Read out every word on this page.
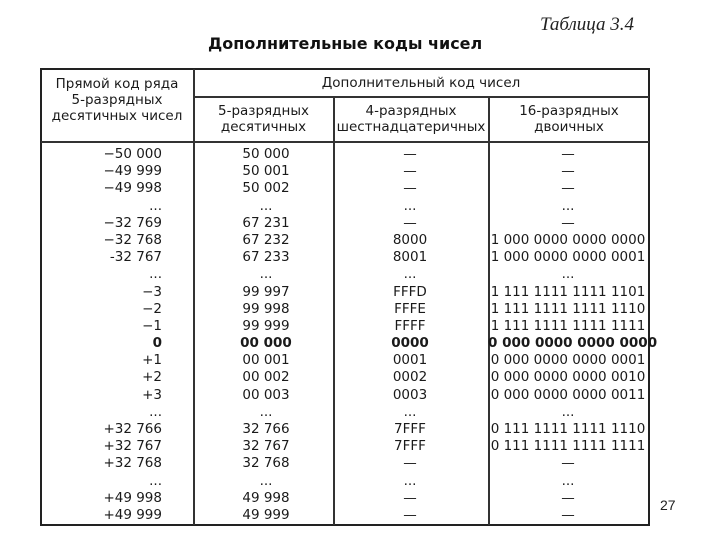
Таблица 3.4
Дополнительные коды чисел
Прямой код ряда
5-разрядных
десятичных чисел
Дополнительный код чисел
5-разрядных
десятичных
4-разрядных
шестнадцатеричных
16-разрядных
двоичных
−50 000
−49 999
−49 998
...
−32 769
−32 768
-32 767
...
−3
−2
−1
0
+1
+2
+3
...
+32 766
+32 767
+32 768
...
+49 998
+49 999
50 000
50 001
50 002
...
67 231
67 232
67 233
...
99 997
99 998
99 999
00 000
00 001
00 002
00 003
...
32 766
32 767
32 768
...
49 998
49 999
—
—
—
...
—
8000
8001
...
FFFD
FFFE
FFFF
0000
0001
0002
0003
...
7FFF
7FFF
—
...
—
—
—
—
—
...
—
1 000 0000 0000 0000
1 000 0000 0000 0001
...
1 111 1111 1111 1101
1 111 1111 1111 1110
1 111 1111 1111 1111
0 000 0000 0000 0000
0 000 0000 0000 0001
0 000 0000 0000 0010
0 000 0000 0000 0011
...
0 111 1111 1111 1110
0 111 1111 1111 1111
—
...
—
—
27
